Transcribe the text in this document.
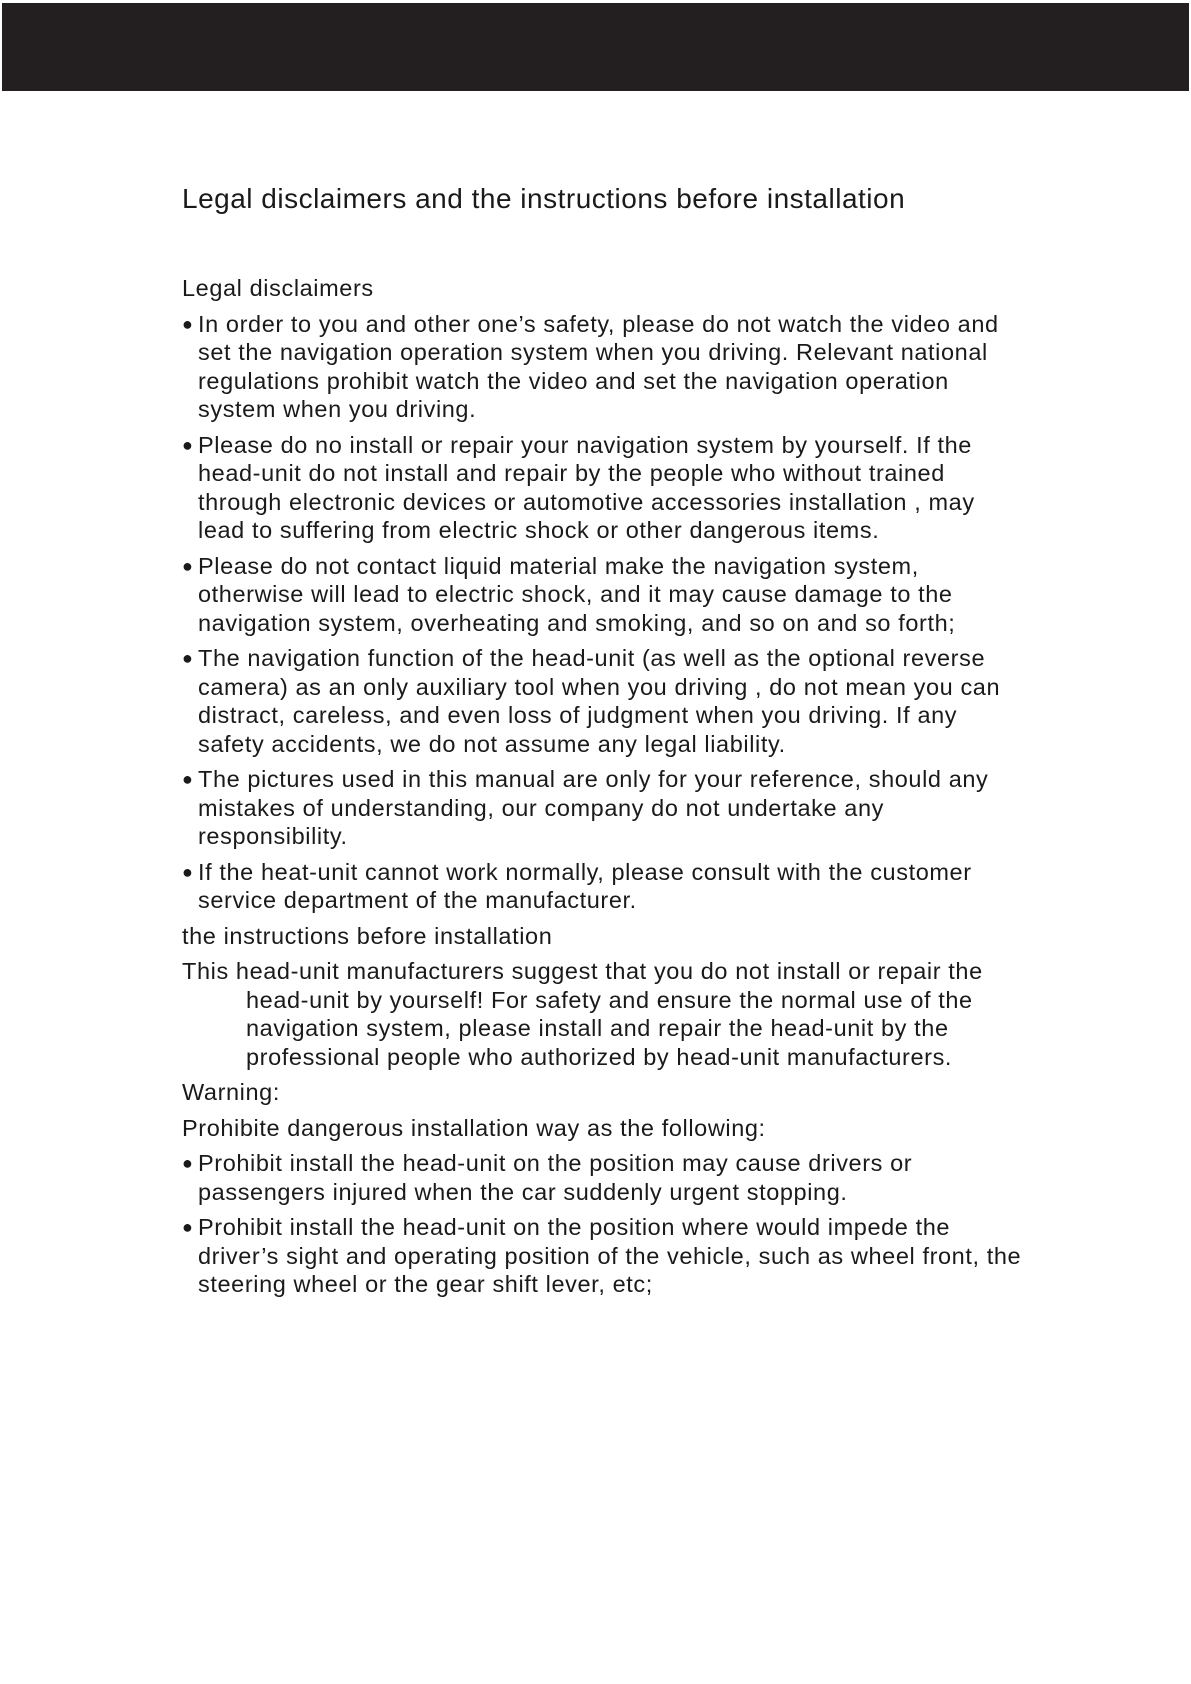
Legal disclaimers and the instructions before installation
Legal disclaimers
● In order to you and other one’s safety, please do not watch the video and set the navigation operation system when you driving. Relevant national regulations prohibit watch the video and set the navigation operation system when you driving.
● Please do no install or repair your navigation system by yourself. If the head-unit do not install and repair by the people who without trained through electronic devices or automotive accessories installation , may lead to suffering from electric shock or other dangerous items.
● Please do not contact liquid material make the navigation system, otherwise will lead to electric shock, and it may cause damage to the navigation system, overheating and smoking, and so on and so forth;
● The navigation function of the head-unit (as well as the optional reverse camera) as an only auxiliary tool when you driving , do not mean you can distract, careless, and even loss of judgment when you driving. If any safety accidents, we do not assume any legal liability.
● The pictures used in this manual are only for your reference, should any mistakes of understanding, our company do not undertake any responsibility.
● If the heat-unit cannot work normally, please consult with the customer service department of the manufacturer.
the instructions before installation
This head-unit manufacturers suggest that you do not install or repair the head-unit by yourself! For safety and ensure the normal use of the navigation system, please install and repair the head-unit by the professional people who authorized by head-unit manufacturers.
Warning:
Prohibite dangerous installation way as the following:
● Prohibit install the head-unit on the position may cause drivers or passengers injured when the car suddenly urgent stopping.
● Prohibit install the head-unit on the position where would impede the driver’s sight and operating position of the vehicle, such as wheel front, the steering wheel or the gear shift lever, etc;
